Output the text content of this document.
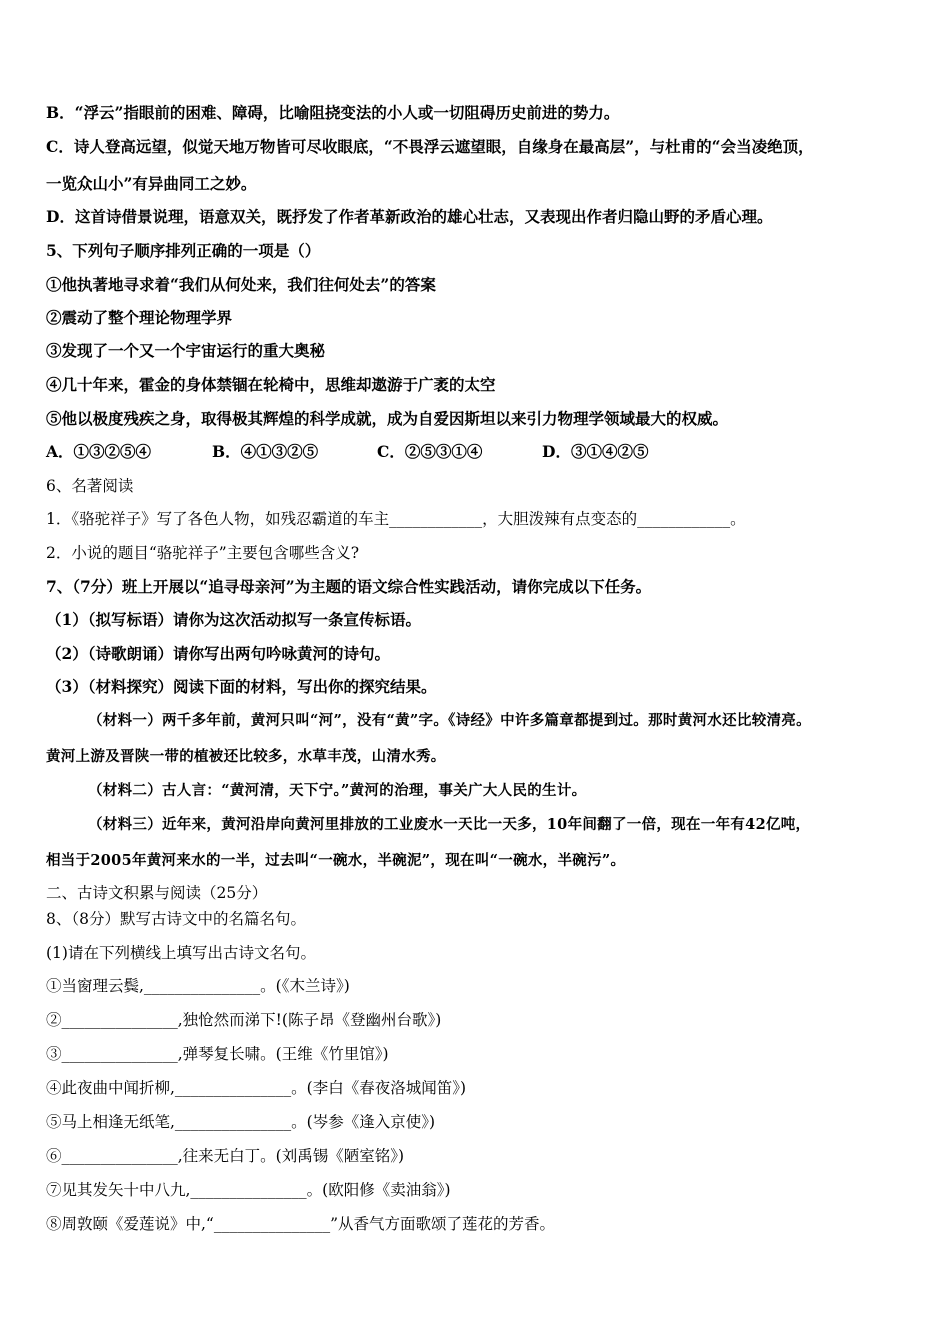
B．“浮云”指眼前的困难、障碍，比喻阻挠变法的小人或一切阻碍历史前进的势力。
C．诗人登高远望，似觉天地万物皆可尽收眼底，“不畏浮云遮望眼，自缘身在最高层”，与杜甫的“会当凌绝顶，
一览众山小”有异曲同工之妙。
D．这首诗借景说理，语意双关，既抒发了作者革新政治的雄心壮志，又表现出作者归隐山野的矛盾心理。
5、下列句子顺序排列正确的一项是（）
①他执著地寻求着“我们从何处来，我们往何处去”的答案
②震动了整个理论物理学界
③发现了一个又一个宇宙运行的重大奥秘
④几十年来，霍金的身体禁锢在轮椅中，思维却遨游于广袤的太空
⑤他以极度残疾之身，取得极其辉煌的科学成就，成为自爱因斯坦以来引力物理学领域最大的权威。
A．①③②⑤④	B．④①③②⑤	C．②⑤③①④	D．③①④②⑤
6、名著阅读
1．《骆驼祥子》写了各色人物，如残忍霸道的车主____________，大胆泼辣有点变态的____________。
2．小说的题目“骆驼祥子”主要包含哪些含义?
7、（7分）班上开展以“追寻母亲河”为主题的语文综合性实践活动，请你完成以下任务。
（1）（拟写标语）请你为这次活动拟写一条宣传标语。
（2）（诗歌朗诵）请你写出两句吟咏黄河的诗句。
（3）（材料探究）阅读下面的材料，写出你的探究结果。
（材料一）两千多年前，黄河只叫“河”，没有“黄”字。《诗经》中许多篇章都提到过。那时黄河水还比较清亮。
黄河上游及晋陕一带的植被还比较多，水草丰茂，山清水秀。
（材料二）古人言：“黄河清，天下宁。”黄河的治理，事关广大人民的生计。
（材料三）近年来，黄河沿岸向黄河里排放的工业废水一天比一天多，10年间翻了一倍，现在一年有42亿吨，
相当于2005年黄河来水的一半，过去叫“一碗水，半碗泥”，现在叫“一碗水，半碗污”。
二、古诗文积累与阅读（25分）
8、（8分）默写古诗文中的名篇名句。
(1)请在下列横线上填写出古诗文名句。
①当窗理云鬓,_______________。(《木兰诗》)
②_______________,独怆然而涕下!(陈子昂《登幽州台歌》)
③_______________,弹琴复长啸。(王维《竹里馆》)
④此夜曲中闻折柳,_______________。(李白《春夜洛城闻笛》)
⑤马上相逢无纸笔,_______________。(岑参《逢入京使》)
⑥_______________,往来无白丁。(刘禹锡《陋室铭》)
⑦见其发矢十中八九,_______________。(欧阳修《卖油翁》)
⑧周敦颐《爱莲说》中,“_______________”从香气方面歌颂了莲花的芳香。
